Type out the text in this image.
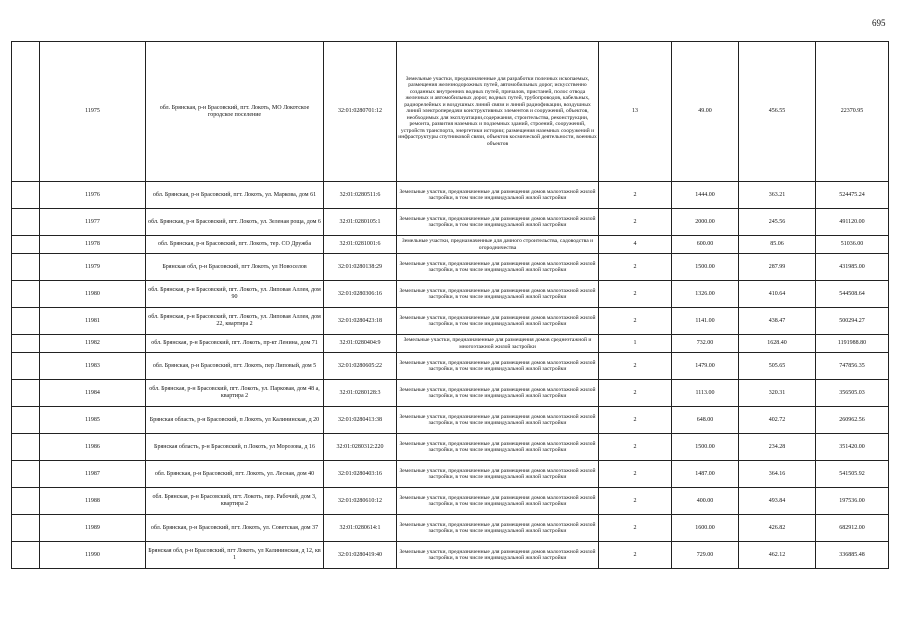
695
	11975	обл. Брянская, р-н Брасовский, пгт. Локоть, МО Локотское городское поселение	32:01:0280701:12	Земельные участки, предназначенные для разработки полезных ископаемых, размещения железнодорожных путей, автомобильных дорог, искусственно созданных внутренних водных путей, причалов, пристаней, полос отвода железных и автомобильных дорог, водных путей, трубопроводов, кабельных, радиорелейных и воздушных линий связи и линий радиофикации, воздушных линий электропередачи конструктивных элементов и сооружений, объектов, необходимых для эксплуатации,содержания, строительства, реконструкции, ремонта, развития наземных и подземных зданий, строений, сооружений, устройств транспорта, энергетики истории; размещения наземных сооружений и инфраструктуры спутниковой связи, объектов космической деятельности, военных объектов	13	49.00	456.55	22370.95
	11976	обл. Брянская, р-н Брасовский, пгт. Локоть, ул. Маркова, дом 61	32:01:0280511:6	Земельные участки, предназначенные для размещения домов малоэтажной жилой застройки, в том числе индивидуальной жилой застройки	2	1444.00	363.21	524475.24
	11977	обл. Брянская, р-н Брасовский, пгт. Локоть, ул. Зеленая роща, дом 6	32:01:0280105:1	Земельные участки, предназначенные для размещения домов малоэтажной жилой застройки, в том числе индивидуальной жилой застройки	2	2000.00	245.56	491120.00
	11978	обл. Брянская, р-н Брасовский, пгт. Локоть, тер. СО Дружба	32:01:0281001:6	Земельные участки, предназначенные для дачного строительства, садоводства и огородничества	4	600.00	85.06	51036.00
	11979	Брянская обл, р-н Брасовский, пгт Локоть, ул Новоселов	32:01:0280138:29	Земельные участки, предназначенные для размещения домов малоэтажной жилой застройки, в том числе индивидуальной жилой застройки	2	1500.00	287.99	431985.00
	11980	обл. Брянская, р-н Брасовский, пгт. Локоть, ул. Липовая Аллея, дом 90	32:01:0280306:16	Земельные участки, предназначенные для размещения домов малоэтажной жилой застройки, в том числе индивидуальной жилой застройки	2	1326.00	410.64	544508.64
	11981	обл. Брянская, р-н Брасовский, пгт. Локоть, ул. Липовая Аллея, дом 22, квартира 2	32:01:0280423:18	Земельные участки, предназначенные для размещения домов малоэтажной жилой застройки, в том числе индивидуальной жилой застройки	2	1141.00	438.47	500294.27
	11982	обл. Брянская, р-н Брасовский, пгт. Локоть, пр-кт Ленина, дом 71	32:01:0280404:9	Земельные участки, предназначенные для размещения домов среднеэтажной и многоэтажной жилой застройки	1	732.00	1628.40	1191988.80
	11983	обл. Брянская, р-н Брасовский, пгт. Локоть, пер Липовый, дом 5	32:01:0280605:22	Земельные участки, предназначенные для размещения домов малоэтажной жилой застройки, в том числе индивидуальной жилой застройки	2	1479.00	505.65	747856.35
	11984	обл. Брянская, р-н Брасовский, пгт. Локоть, ул. Парковая, дом 48 а, квартира 2	32:01:0280128:3	Земельные участки, предназначенные для размещения домов малоэтажной жилой застройки, в том числе индивидуальной жилой застройки	2	1113.00	320.31	356505.03
	11985	Брянская область, р-н Брасовский, п Локоть, ул Калининская, д 20	32:01:0280413:38	Земельные участки, предназначенные для размещения домов малоэтажной жилой застройки, в том числе индивидуальной жилой застройки	2	648.00	402.72	260962.56
	11986	Брянская область, р-н Брасовский, п Локоть, ул Морозова, д 16	32:01:0280312:220	Земельные участки, предназначенные для размещения домов малоэтажной жилой застройки, в том числе индивидуальной жилой застройки	2	1500.00	234.28	351420.00
	11987	обл. Брянская, р-н Брасовский, пгт. Локоть, ул. Лесная, дом 40	32:01:0280403:16	Земельные участки, предназначенные для размещения домов малоэтажной жилой застройки, в том числе индивидуальной жилой застройки	2	1487.00	364.16	541505.92
	11988	обл. Брянская, р-н Брасовский, пгт. Локоть, пер. Рабочий, дом 3, квартира 2	32:01:0280610:12	Земельные участки, предназначенные для размещения домов малоэтажной жилой застройки, в том числе индивидуальной жилой застройки	2	400.00	493.84	197536.00
	11989	обл. Брянская, р-н Брасовский, пгт. Локоть, ул. Советская, дом 37	32:01:0280614:1	Земельные участки, предназначенные для размещения домов малоэтажной жилой застройки, в том числе индивидуальной жилой застройки	2	1600.00	426.82	682912.00
	11990	Брянская обл, р-н Брасовский, пгт Локоть, ул Калининская, д 12, кв 1	32:01:0280419:40	Земельные участки, предназначенные для размещения домов малоэтажной жилой застройки, в том числе индивидуальной жилой застройки	2	729.00	462.12	336885.48
